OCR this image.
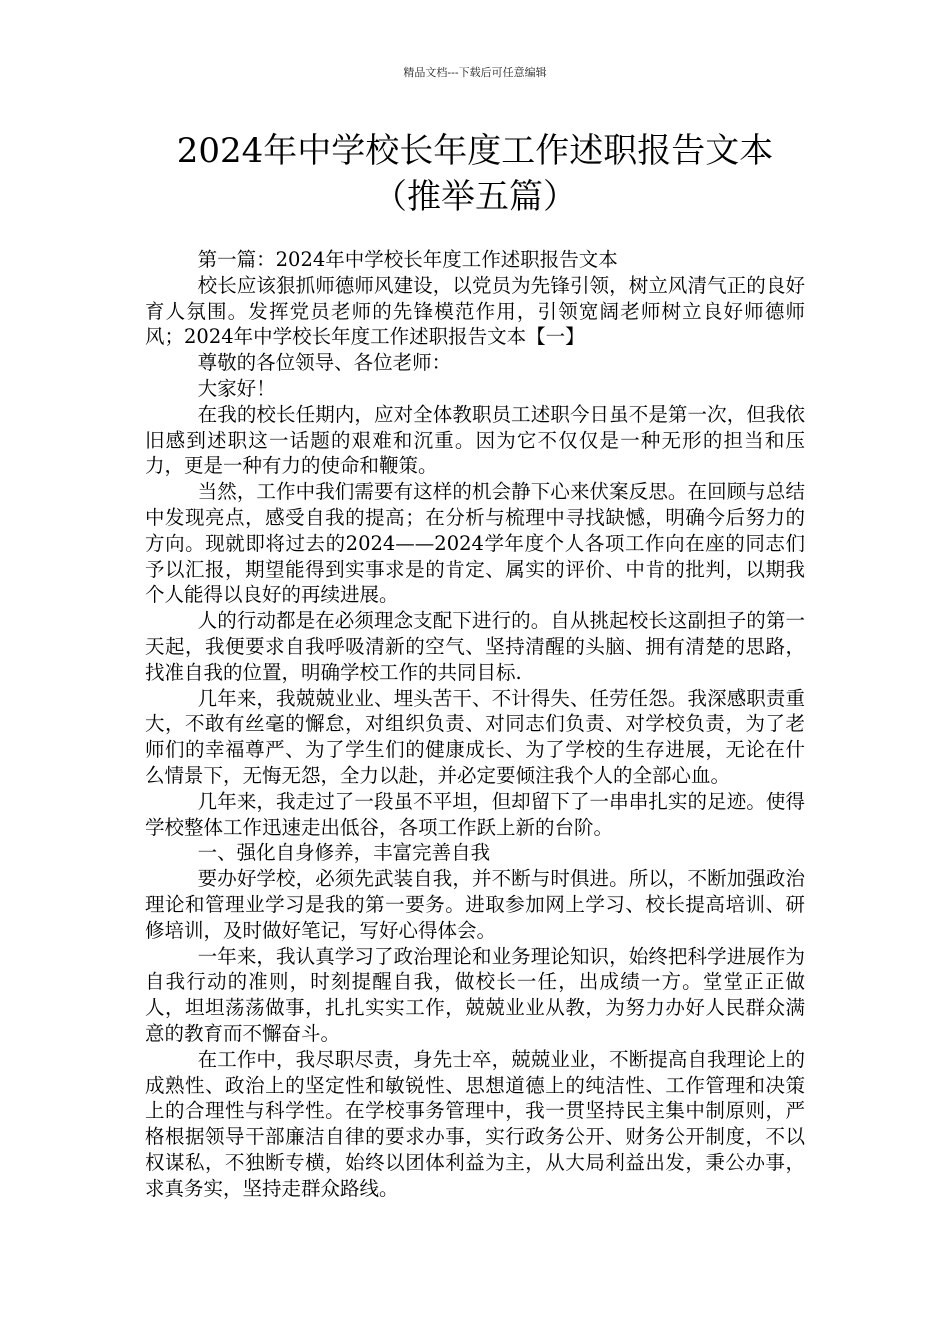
精品文档---下载后可任意编辑
2024年中学校长年度工作述职报告文本
（推举五篇）

第一篇：2024年中学校长年度工作述职报告文本

校长应该狠抓师德师风建设，以党员为先锋引领，树立风清气正的良好育人氛围。发挥党员老师的先锋模范作用，引领宽阔老师树立良好师德师风；2024年中学校长年度工作述职报告文本【一】

尊敬的各位领导、各位老师：

大家好！

在我的校长任期内，应对全体教职员工述职今日虽不是第一次，但我依旧感到述职这一话题的艰难和沉重。因为它不仅仅是一种无形的担当和压力，更是一种有力的使命和鞭策。

当然，工作中我们需要有这样的机会静下心来伏案反思。在回顾与总结中发现亮点，感受自我的提高；在分析与梳理中寻找缺憾，明确今后努力的方向。现就即将过去的2024——2024学年度个人各项工作向在座的同志们予以汇报，期望能得到实事求是的肯定、属实的评价、中肯的批判，以期我个人能得以良好的再续进展。

人的行动都是在必须理念支配下进行的。自从挑起校长这副担子的第一天起，我便要求自我呼吸清新的空气、坚持清醒的头脑、拥有清楚的思路，找准自我的位置，明确学校工作的共同目标.

几年来，我兢兢业业、埋头苦干、不计得失、任劳任怨。我深感职责重大，不敢有丝毫的懈怠，对组织负责、对同志们负责、对学校负责，为了老师们的幸福尊严、为了学生们的健康成长、为了学校的生存进展，无论在什么情景下，无悔无怨，全力以赴，并必定要倾注我个人的全部心血。

几年来，我走过了一段虽不平坦，但却留下了一串串扎实的足迹。使得学校整体工作迅速走出低谷，各项工作跃上新的台阶。

一、强化自身修养，丰富完善自我

要办好学校，必须先武装自我，并不断与时俱进。所以，不断加强政治理论和管理业学习是我的第一要务。进取参加网上学习、校长提高培训、研修培训，及时做好笔记，写好心得体会。

一年来，我认真学习了政治理论和业务理论知识，始终把科学进展作为自我行动的准则，时刻提醒自我，做校长一任，出成绩一方。堂堂正正做人，坦坦荡荡做事，扎扎实实工作，兢兢业业从教，为努力办好人民群众满意的教育而不懈奋斗。

在工作中，我尽职尽责，身先士卒，兢兢业业，不断提高自我理论上的成熟性、政治上的坚定性和敏锐性、思想道德上的纯洁性、工作管理和决策上的合理性与科学性。在学校事务管理中，我一贯坚持民主集中制原则，严格根据领导干部廉洁自律的要求办事，实行政务公开、财务公开制度，不以权谋私，不独断专横，始终以团体利益为主，从大局利益出发，秉公办事，求真务实，坚持走群众路线。
